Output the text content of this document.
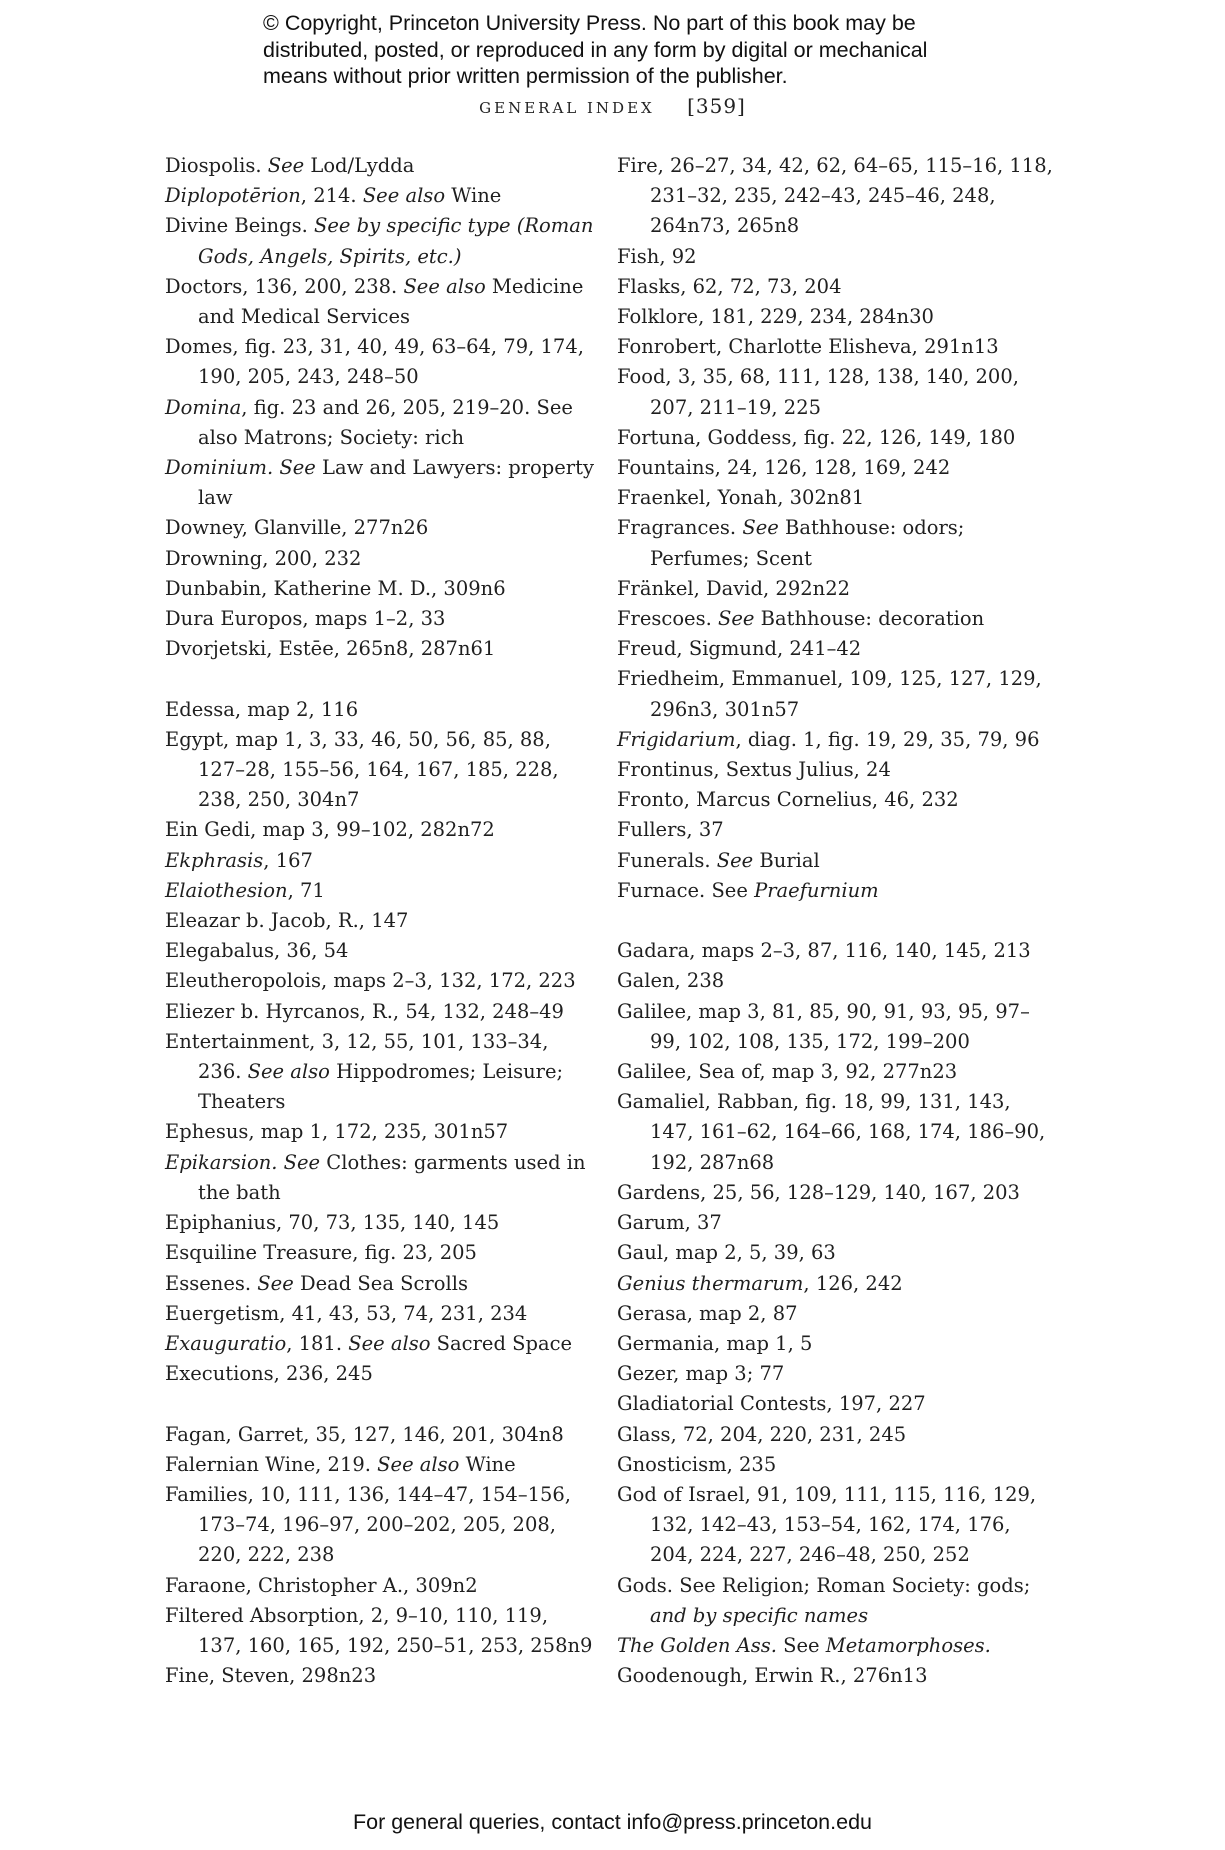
© Copyright, Princeton University Press. No part of this book may be distributed, posted, or reproduced in any form by digital or mechanical means without prior written permission of the publisher.
GENERAL INDEX [359]

Diospolis. See Lod/Lydda

Diplopotērion, 214. See also Wine

Divine Beings. See by specific type (Roman Gods, Angels, Spirits, etc.)

Doctors, 136, 200, 238. See also Medicine and Medical Services

Domes, fig. 23, 31, 40, 49, 63–64, 79, 174, 190, 205, 243, 248–50

Domina, fig. 23 and 26, 205, 219–20. See also Matrons; Society: rich

Dominium. See Law and Lawyers: property law

Downey, Glanville, 277n26

Drowning, 200, 232

Dunbabin, Katherine M. D., 309n6

Dura Europos, maps 1–2, 33

Dvorjetski, Estēe, 265n8, 287n61

Edessa, map 2, 116

Egypt, map 1, 3, 33, 46, 50, 56, 85, 88, 127–28, 155–56, 164, 167, 185, 228, 238, 250, 304n7

Ein Gedi, map 3, 99–102, 282n72

Ekphrasis, 167

Elaiothesion, 71

Eleazar b. Jacob, R., 147

Elegabalus, 36, 54

Eleutheropolois, maps 2–3, 132, 172, 223

Eliezer b. Hyrcanos, R., 54, 132, 248–49

Entertainment, 3, 12, 55, 101, 133–34, 236. See also Hippodromes; Leisure; Theaters

Ephesus, map 1, 172, 235, 301n57

Epikarsion. See Clothes: garments used in the bath

Epiphanius, 70, 73, 135, 140, 145

Esquiline Treasure, fig. 23, 205

Essenes. See Dead Sea Scrolls

Euergetism, 41, 43, 53, 74, 231, 234

Exauguratio, 181. See also Sacred Space

Executions, 236, 245

Fagan, Garret, 35, 127, 146, 201, 304n8

Falernian Wine, 219. See also Wine

Families, 10, 111, 136, 144–47, 154–156, 173–74, 196–97, 200–202, 205, 208, 220, 222, 238

Faraone, Christopher A., 309n2

Filtered Absorption, 2, 9–10, 110, 119, 137, 160, 165, 192, 250–51, 253, 258n9

Fine, Steven, 298n23

Fire, 26–27, 34, 42, 62, 64–65, 115–16, 118, 231–32, 235, 242–43, 245–46, 248, 264n73, 265n8

Fish, 92

Flasks, 62, 72, 73, 204

Folklore, 181, 229, 234, 284n30

Fonrobert, Charlotte Elisheva, 291n13

Food, 3, 35, 68, 111, 128, 138, 140, 200, 207, 211–19, 225

Fortuna, Goddess, fig. 22, 126, 149, 180

Fountains, 24, 126, 128, 169, 242

Fraenkel, Yonah, 302n81

Fragrances. See Bathhouse: odors; Perfumes; Scent

Fränkel, David, 292n22

Frescoes. See Bathhouse: decoration

Freud, Sigmund, 241–42

Friedheim, Emmanuel, 109, 125, 127, 129, 296n3, 301n57

Frigidarium, diag. 1, fig. 19, 29, 35, 79, 96

Frontinus, Sextus Julius, 24

Fronto, Marcus Cornelius, 46, 232

Fullers, 37

Funerals. See Burial

Furnace. See Praefurnium

Gadara, maps 2–3, 87, 116, 140, 145, 213

Galen, 238

Galilee, map 3, 81, 85, 90, 91, 93, 95, 97–99, 102, 108, 135, 172, 199–200

Galilee, Sea of, map 3, 92, 277n23

Gamaliel, Rabban, fig. 18, 99, 131, 143, 147, 161–62, 164–66, 168, 174, 186–90, 192, 287n68

Gardens, 25, 56, 128–129, 140, 167, 203

Garum, 37

Gaul, map 2, 5, 39, 63

Genius thermarum, 126, 242

Gerasa, map 2, 87

Germania, map 1, 5

Gezer, map 3; 77

Gladiatorial Contests, 197, 227

Glass, 72, 204, 220, 231, 245

Gnosticism, 235

God of Israel, 91, 109, 111, 115, 116, 129, 132, 142–43, 153–54, 162, 174, 176, 204, 224, 227, 246–48, 250, 252

Gods. See Religion; Roman Society: gods; and by specific names

The Golden Ass. See Metamorphoses.

Goodenough, Erwin R., 276n13

For general queries, contact info@press.princeton.edu
